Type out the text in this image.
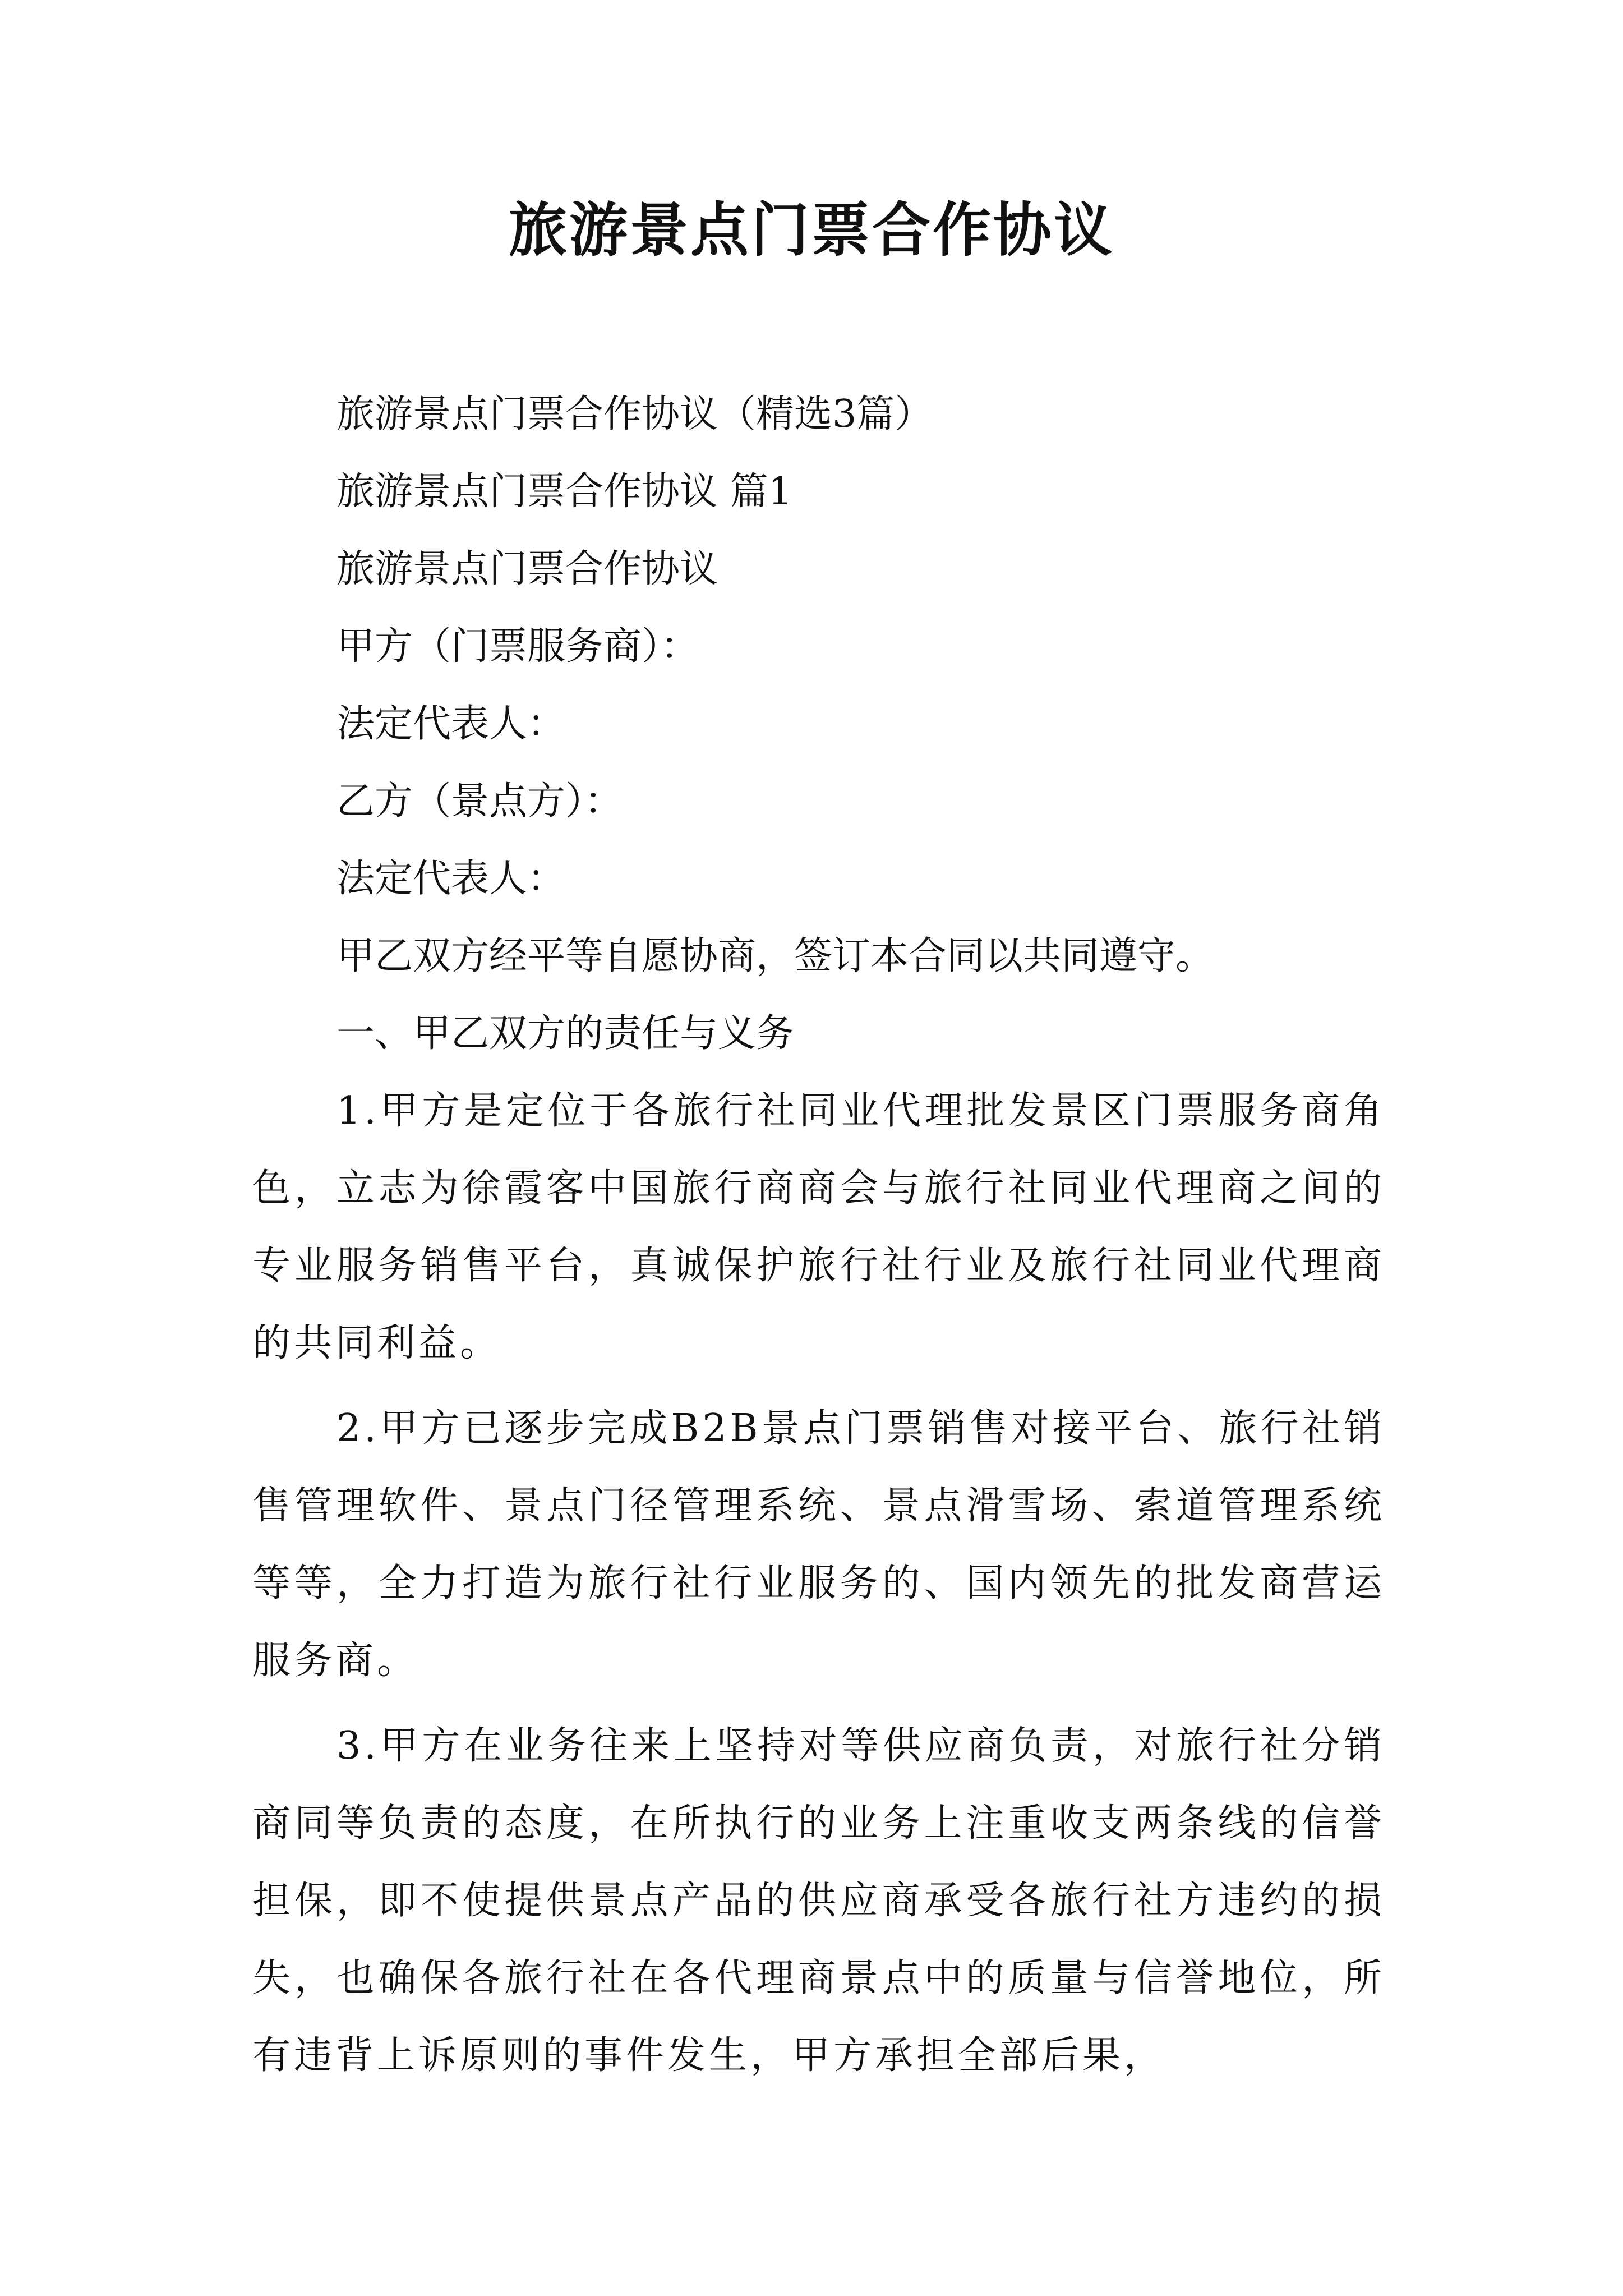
旅游景点门票合作协议

旅游景点门票合作协议（精选3篇）

旅游景点门票合作协议 篇1

旅游景点门票合作协议

甲方（门票服务商）：

法定代表人：

乙方（景点方）：

法定代表人：

甲乙双方经平等自愿协商，签订本合同以共同遵守。

一、甲乙双方的责任与义务

1.甲方是定位于各旅行社同业代理批发景区门票服务商角色，立志为徐霞客中国旅行商商会与旅行社同业代理商之间的专业服务销售平台，真诚保护旅行社行业及旅行社同业代理商的共同利益。

2.甲方已逐步完成B2B景点门票销售对接平台、旅行社销售管理软件、景点门径管理系统、景点滑雪场、索道管理系统等等，全力打造为旅行社行业服务的、国内领先的批发商营运服务商。

3.甲方在业务往来上坚持对等供应商负责，对旅行社分销商同等负责的态度，在所执行的业务上注重收支两条线的信誉担保，即不使提供景点产品的供应商承受各旅行社方违约的损失，也确保各旅行社在各代理商景点中的质量与信誉地位，所有违背上诉原则的事件发生，甲方承担全部后果，
